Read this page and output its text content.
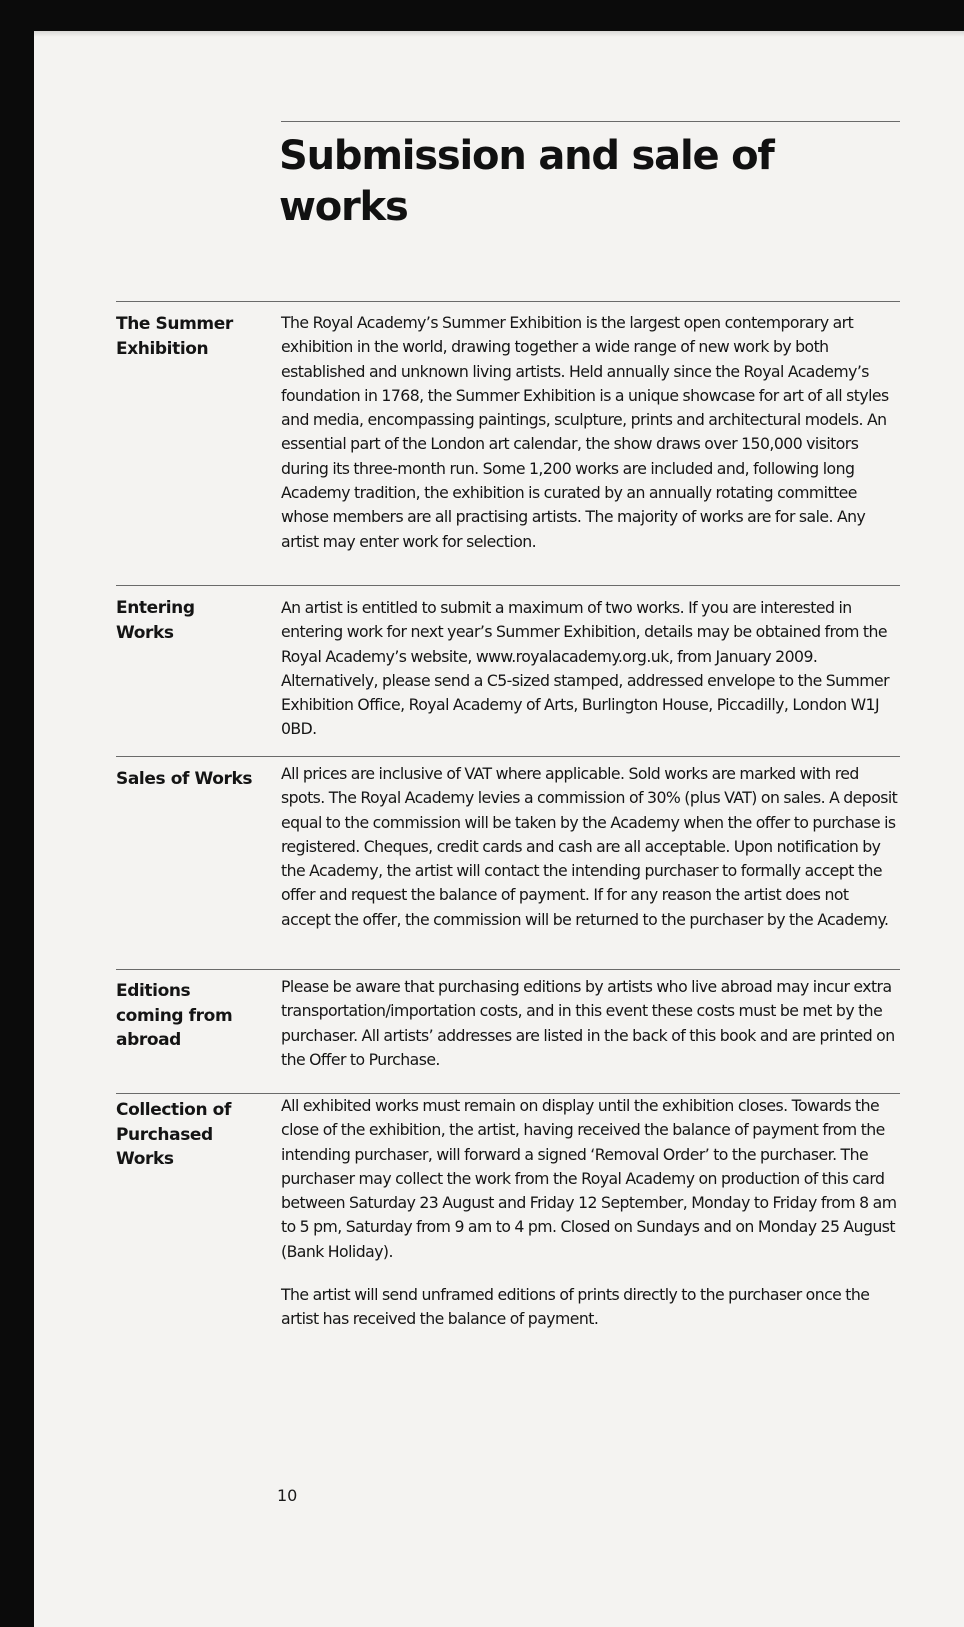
Submission and sale of works
The Summer Exhibition

The Royal Academy’s Summer Exhibition is the largest open contemporary art exhibition in the world, drawing together a wide range of new work by both established and unknown living artists. Held annually since the Royal Academy’s foundation in 1768, the Summer Exhibition is a unique showcase for art of all styles and media, encompassing paintings, sculpture, prints and architectural models. An essential part of the London art calendar, the show draws over 150,000 visitors during its three-month run. Some 1,200 works are included and, following long Academy tradition, the exhibition is curated by an annually rotating committee whose members are all practising artists. The majority of works are for sale. Any artist may enter work for selection.

Entering Works

An artist is entitled to submit a maximum of two works. If you are interested in entering work for next year’s Summer Exhibition, details may be obtained from the Royal Academy’s website, www.royalacademy.org.uk, from January 2009. Alternatively, please send a C5-sized stamped, addressed envelope to the Summer Exhibition Office, Royal Academy of Arts, Burlington House, Piccadilly, London W1J 0BD.

Sales of Works All prices are inclusive of VAT where applicable. Sold works are marked with red spots. The Royal Academy levies a commission of 30% (plus VAT) on sales. A deposit equal to the commission will be taken by the Academy when the offer to purchase is registered. Cheques, credit cards and cash are all acceptable. Upon notification by the Academy, the artist will contact the intending purchaser to formally accept the offer and request the balance of payment. If for any reason the artist does not accept the offer, the commission will be returned to the purchaser by the Academy.

Editions coming from abroad

Please be aware that purchasing editions by artists who live abroad may incur extra transportation/importation costs, and in this event these costs must be met by the purchaser. All artists’ addresses are listed in the back of this book and are printed on the Offer to Purchase.

Collection of Purchased Works

All exhibited works must remain on display until the exhibition closes. Towards the close of the exhibition, the artist, having received the balance of payment from the intending purchaser, will forward a signed ‘Removal Order’ to the purchaser. The purchaser may collect the work from the Royal Academy on production of this card between Saturday 23 August and Friday 12 September, Monday to Friday from 8 am to 5 pm, Saturday from 9 am to 4 pm. Closed on Sundays and on Monday 25 August (Bank Holiday).

The artist will send unframed editions of prints directly to the purchaser once the artist has received the balance of payment.

10
